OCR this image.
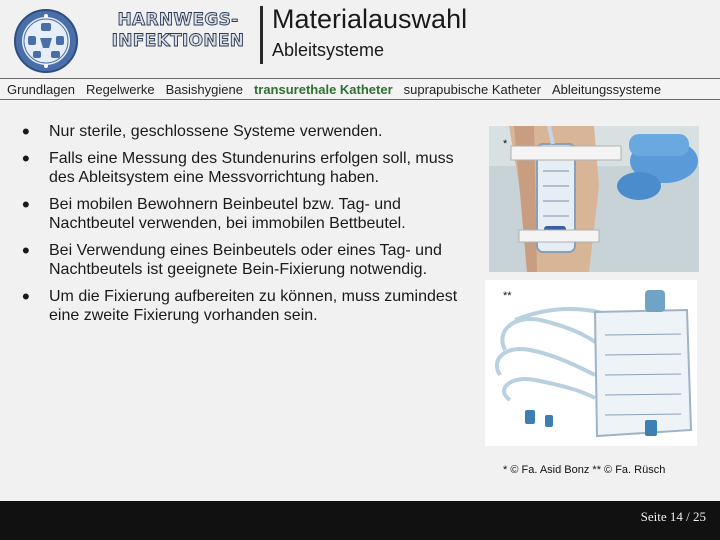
HARNWEGS-
INFEKTIONEN
Materialauswahl
Ableitsysteme
Grundlagen Regelwerke Basishygiene transurethale Katheter suprapubische Katheter Ableitungssysteme
• Nur sterile, geschlossene Systeme verwenden.
• Falls eine Messung des Stundenurins erfolgen soll, muss des Ableitsystem eine Messvorrichtung haben.
• Bei mobilen Bewohnern Beinbeutel bzw. Tag- und Nachtbeutel verwenden, bei immobilen Bettbeutel.
• Bei Verwendung eines Beinbeutels oder eines Tag- und Nachtbeutels ist geeignete Bein-Fixierung notwendig.
• Um die Fixierung aufbereiten zu können, muss zumindest eine zweite Fixierung vorhanden sein.
*
**
* © Fa. Asid Bonz ** © Fa. Rüsch
Seite 14 / 25
